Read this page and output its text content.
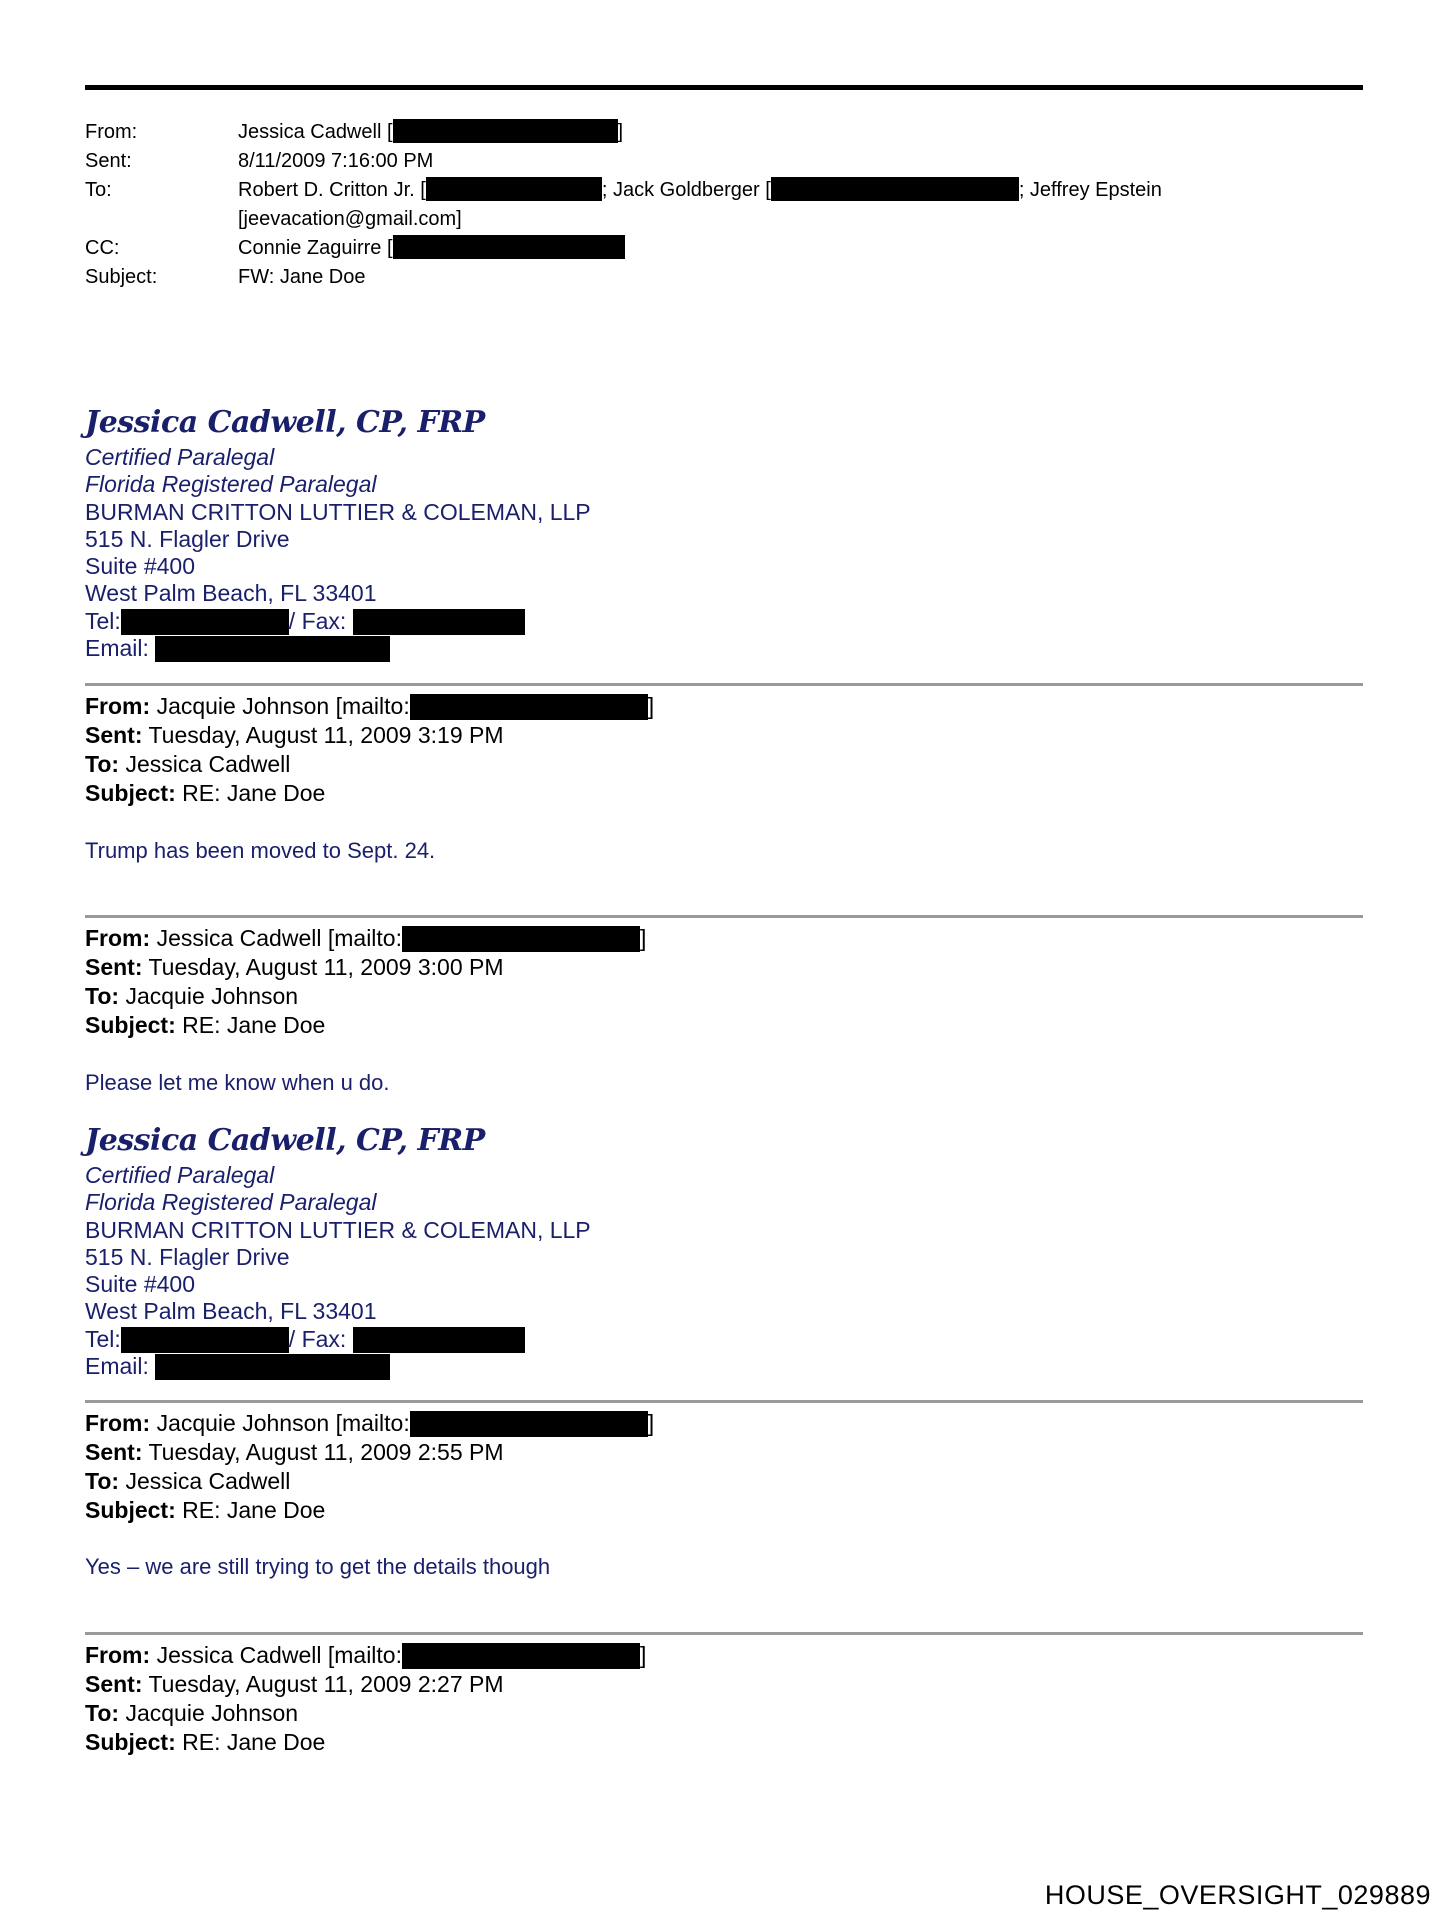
From:	Jessica Cadwell [	]
Sent:	8/11/2009 7:16:00 PM
To:	Robert D. Critton Jr. [	; Jack Goldberger [	; Jeffrey Epstein
[jeevacation@gmail.com]
CC:	Connie Zaguirre [
Subject:	FW: Jane Doe
Jessica Cadwell, CP, FRP
Certified Paralegal
Florida Registered Paralegal
BURMAN CRITTON LUTTIER & COLEMAN, LLP
515 N. Flagler Drive
Suite #400
West Palm Beach, FL 33401
Tel:	/ Fax:
Email:
From: Jacquie Johnson [mailto:	]
Sent: Tuesday, August 11, 2009 3:19 PM
To: Jessica Cadwell
Subject: RE: Jane Doe
Trump has been moved to Sept. 24.
From: Jessica Cadwell [mailto:	]
Sent: Tuesday, August 11, 2009 3:00 PM
To: Jacquie Johnson
Subject: RE: Jane Doe
Please let me know when u do.
Jessica Cadwell, CP, FRP
Certified Paralegal
Florida Registered Paralegal
BURMAN CRITTON LUTTIER & COLEMAN, LLP
515 N. Flagler Drive
Suite #400
West Palm Beach, FL 33401
Tel:	/ Fax:
Email:
From: Jacquie Johnson [mailto:	]
Sent: Tuesday, August 11, 2009 2:55 PM
To: Jessica Cadwell
Subject: RE: Jane Doe
Yes – we are still trying to get the details though
From: Jessica Cadwell [mailto:	]
Sent: Tuesday, August 11, 2009 2:27 PM
To: Jacquie Johnson
Subject: RE: Jane Doe
HOUSE_OVERSIGHT_029889
